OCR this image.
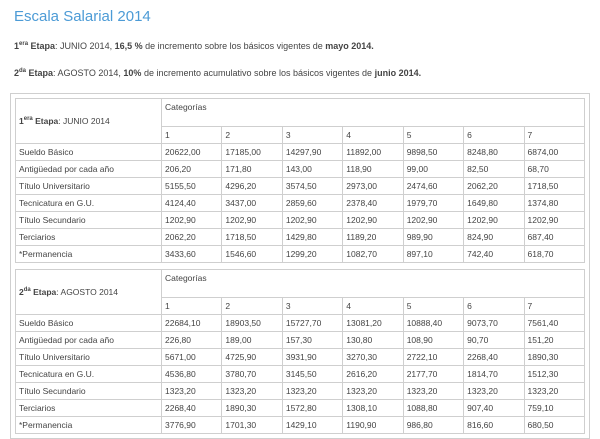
Escala Salarial 2014

$1^{era}$ Etapa: JUNIO 2014, 16,5 % de incremento sobre los básicos vigentes de mayo 2014.

$2^{da}$ Etapa: AGOSTO 2014, 10% de incremento acumulativo sobre los básicos vigentes de junio 2014.

$1^{era}$ Etapa: JUNIO 2014	Categorías						
	1	2	3	4	5	6	7
Sueldo Básico	20622,00	17185,00	14297,90	11892,00	9898,50	8248,80	6874,00
Antigüedad por cada año	206,20	171,80	143,00	118,90	99,00	82,50	68,70
Título Universitario	5155,50	4296,20	3574,50	2973,00	2474,60	2062,20	1718,50
Tecnicatura en G.U.	4124,40	3437,00	2859,60	2378,40	1979,70	1649,80	1374,80
Título Secundario	1202,90	1202,90	1202,90	1202,90	1202,90	1202,90	1202,90
Terciarios	2062,20	1718,50	1429,80	1189,20	989,90	824,90	687,40
*Permanencia	3433,60	1546,60	1299,20	1082,70	897,10	742,40	618,70
$2^{da}$ Etapa: AGOSTO 2014	Categorías						
	1	2	3	4	5	6	7
Sueldo Básico	22684,10	18903,50	15727,70	13081,20	10888,40	9073,70	7561,40
Antigüedad por cada año	226,80	189,00	157,30	130,80	108,90	90,70	151,20
Título Universitario	5671,00	4725,90	3931,90	3270,30	2722,10	2268,40	1890,30
Tecnicatura en G.U.	4536,80	3780,70	3145,50	2616,20	2177,70	1814,70	1512,30
Título Secundario	1323,20	1323,20	1323,20	1323,20	1323,20	1323,20	1323,20
Terciarios	2268,40	1890,30	1572,80	1308,10	1088,80	907,40	759,10
*Permanencia	3776,90	1701,30	1429,10	1190,90	986,80	816,60	680,50
